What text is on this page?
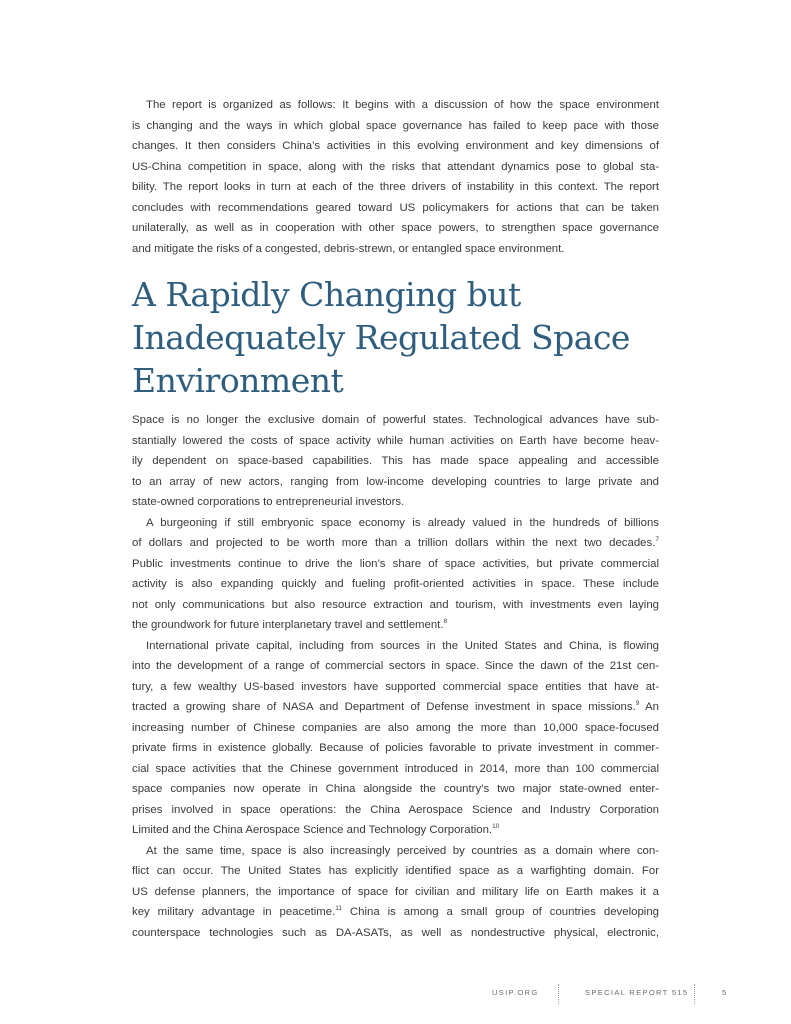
The report is organized as follows: It begins with a discussion of how the space environment
is changing and the ways in which global space governance has failed to keep pace with those
changes. It then considers China’s activities in this evolving environment and key dimensions of
US-China competition in space, along with the risks that attendant dynamics pose to global sta-
bility. The report looks in turn at each of the three drivers of instability in this context. The report
concludes with recommendations geared toward US policymakers for actions that can be taken
unilaterally, as well as in cooperation with other space powers, to strengthen space governance
and mitigate the risks of a congested, debris-strewn, or entangled space environment.

A Rapidly Changing but
Inadequately Regulated Space
Environment

Space is no longer the exclusive domain of powerful states. Technological advances have sub-
stantially lowered the costs of space activity while human activities on Earth have become heav-
ily dependent on space-based capabilities. This has made space appealing and accessible
to an array of new actors, ranging from low-income developing countries to large private and
state-owned corporations to entrepreneurial investors.

A burgeoning if still embryonic space economy is already valued in the hundreds of billions
of dollars and projected to be worth more than a trillion dollars within the next two decades.$^7$
Public investments continue to drive the lion’s share of space activities, but private commercial
activity is also expanding quickly and fueling profit-oriented activities in space. These include
not only communications but also resource extraction and tourism, with investments even laying
the groundwork for future interplanetary travel and settlement.$^8$

International private capital, including from sources in the United States and China, is flowing
into the development of a range of commercial sectors in space. Since the dawn of the 21st cen-
tury, a few wealthy US-based investors have supported commercial space entities that have at-
tracted a growing share of NASA and Department of Defense investment in space missions.$^9$ An
increasing number of Chinese companies are also among the more than 10,000 space-focused
private firms in existence globally. Because of policies favorable to private investment in commer-
cial space activities that the Chinese government introduced in 2014, more than 100 commercial
space companies now operate in China alongside the country’s two major state-owned enter-
prises involved in space operations: the China Aerospace Science and Industry Corporation
Limited and the China Aerospace Science and Technology Corporation.$^{10}$

At the same time, space is also increasingly perceived by countries as a domain where con-
flict can occur. The United States has explicitly identified space as a warfighting domain. For
US defense planners, the importance of space for civilian and military life on Earth makes it a
key military advantage in peacetime.$^{11}$ China is among a small group of countries developing
counterspace technologies such as DA-ASATs, as well as nondestructive physical, electronic,

USIP.ORG	SPECIAL REPORT 515	5
